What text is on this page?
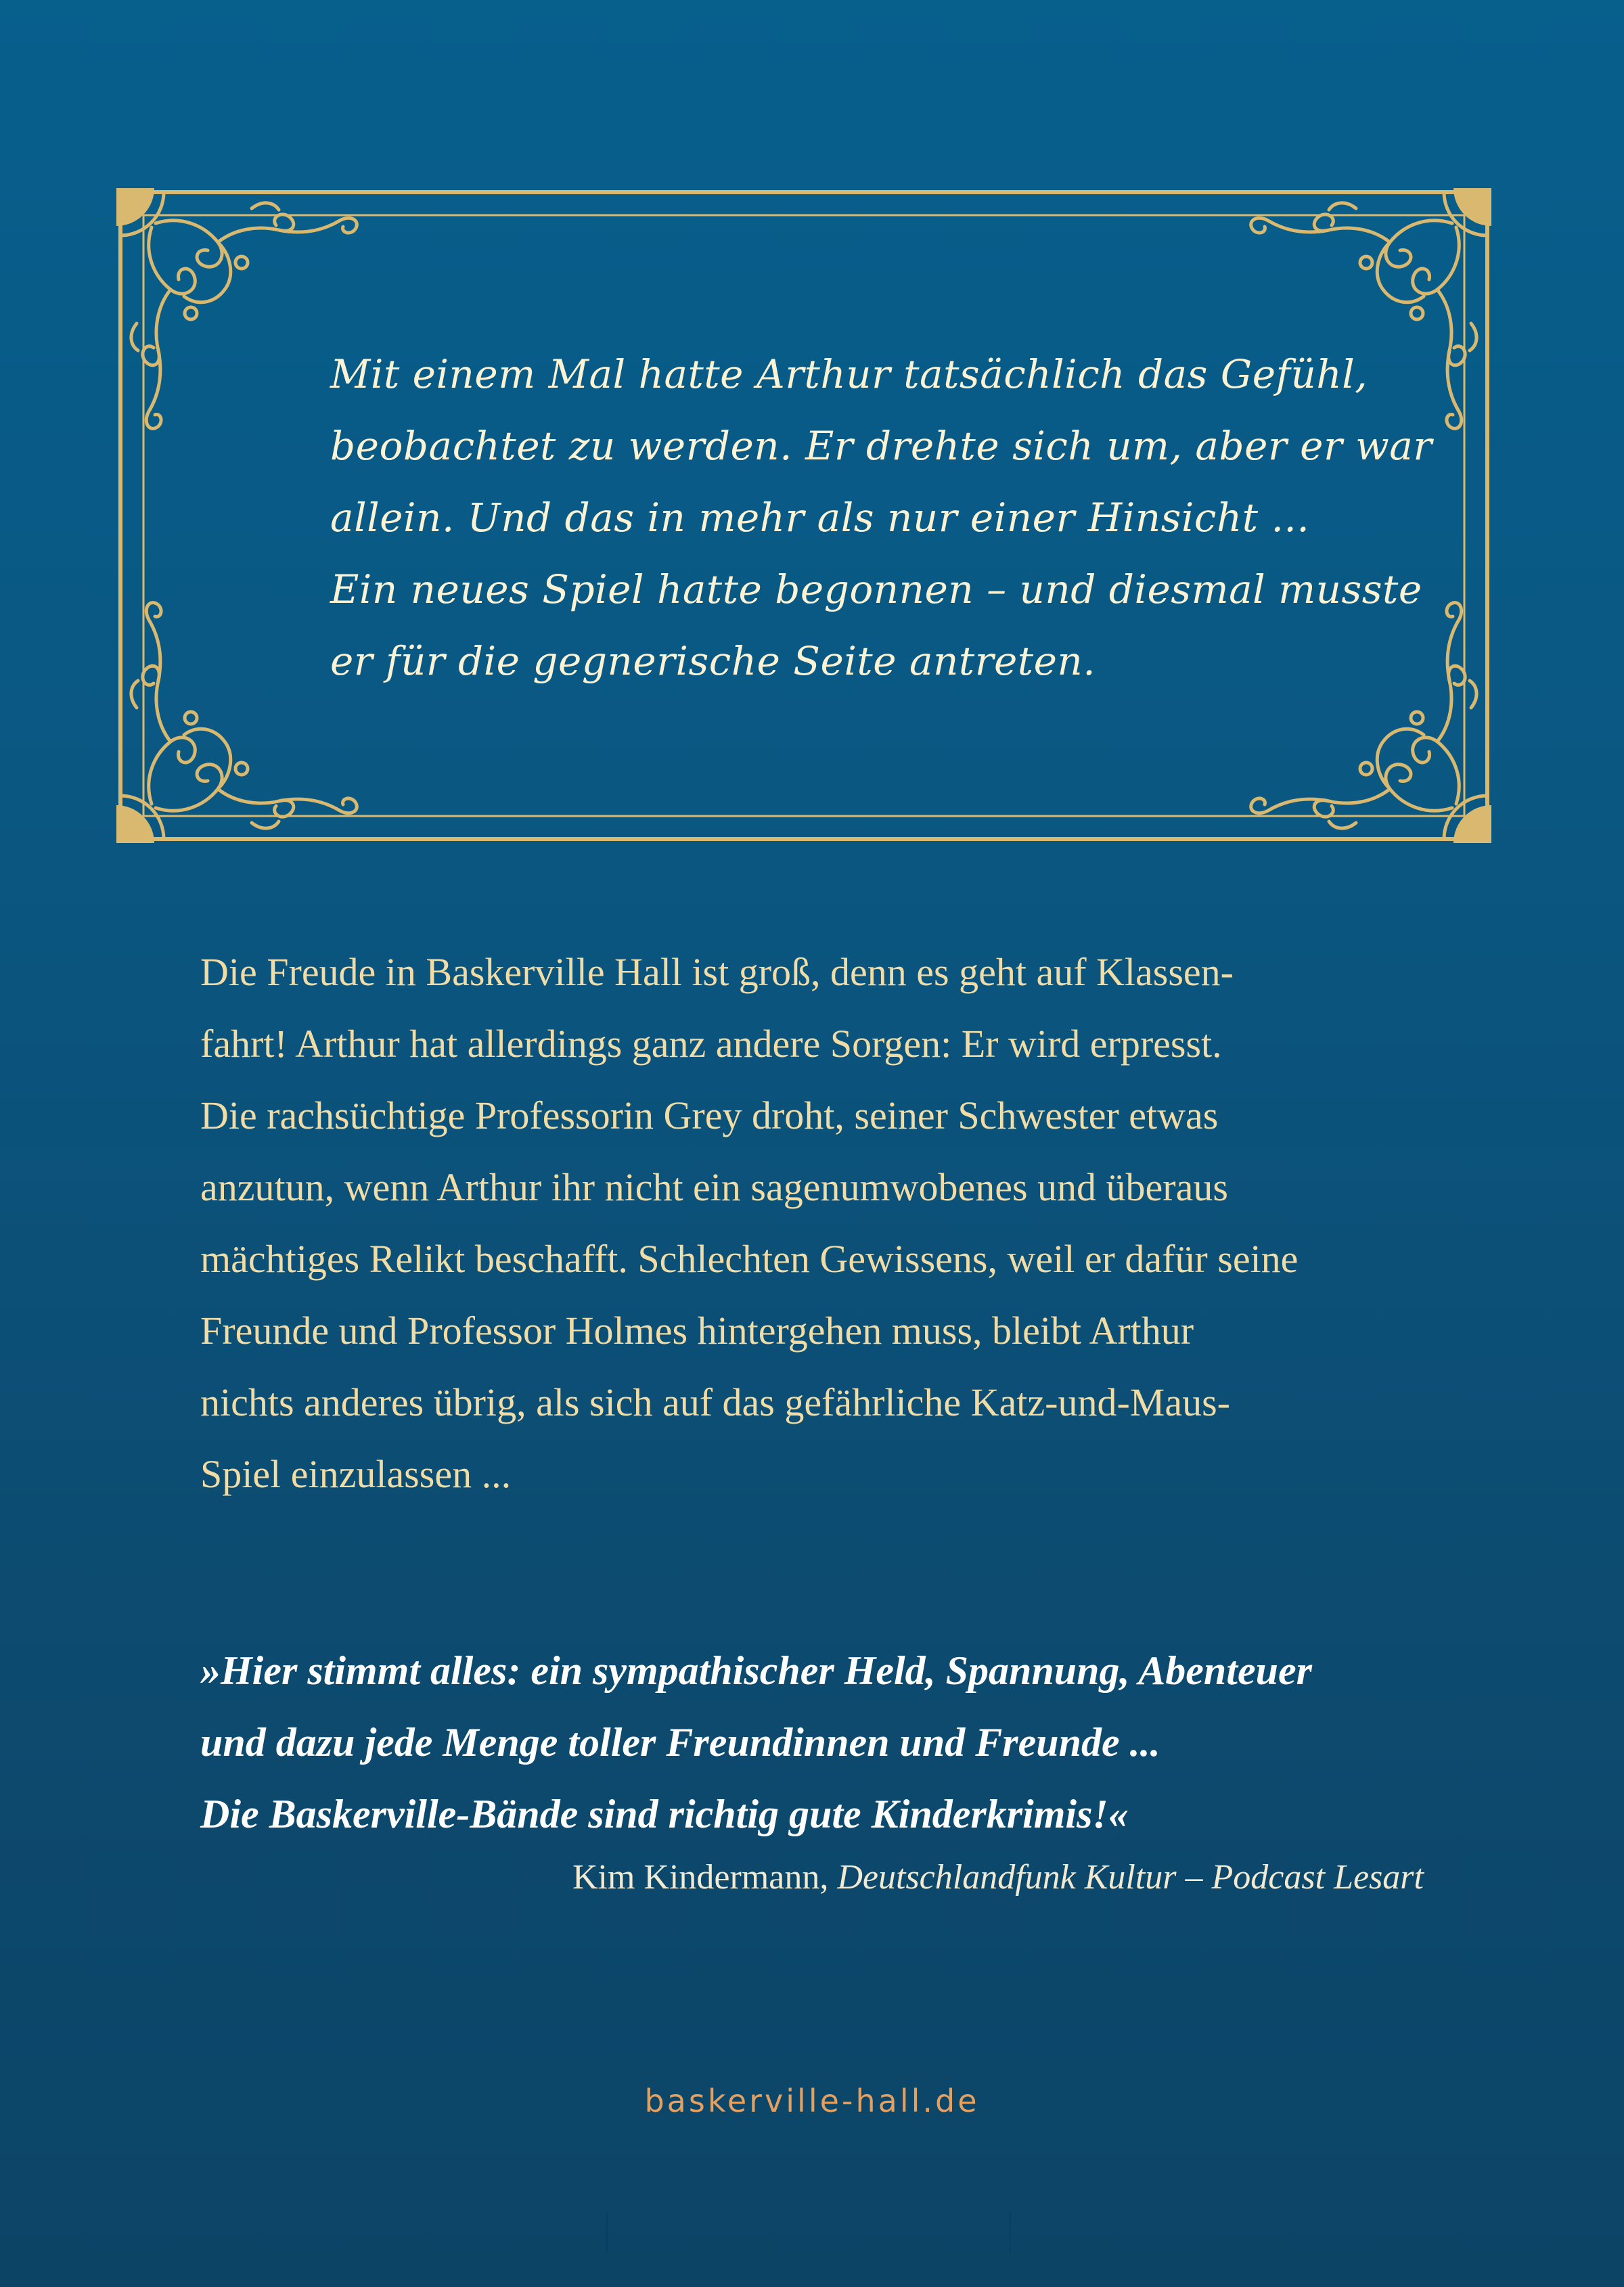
Mit einem Mal hatte Arthur tatsächlich das Gefühl,
beobachtet zu werden. Er drehte sich um, aber er war
allein. Und das in mehr als nur einer Hinsicht ...
Ein neues Spiel hatte begonnen – und diesmal musste
er für die gegnerische Seite antreten.
Die Freude in Baskerville Hall ist groß, denn es geht auf Klassen-
fahrt! Arthur hat allerdings ganz andere Sorgen: Er wird erpresst.
Die rachsüchtige Professorin Grey droht, seiner Schwester etwas
anzutun, wenn Arthur ihr nicht ein sagenumwobenes und überaus
mächtiges Relikt beschafft. Schlechten Gewissens, weil er dafür seine
Freunde und Professor Holmes hintergehen muss, bleibt Arthur
nichts anderes übrig, als sich auf das gefährliche Katz-und-Maus-
Spiel einzulassen ...
»Hier stimmt alles: ein sympathischer Held, Spannung, Abenteuer
und dazu jede Menge toller Freundinnen und Freunde ...
Die Baskerville-Bände sind richtig gute Kinderkrimis!«
Kim Kindermann, Deutschlandfunk Kultur – Podcast Lesart
baskerville-hall.de
